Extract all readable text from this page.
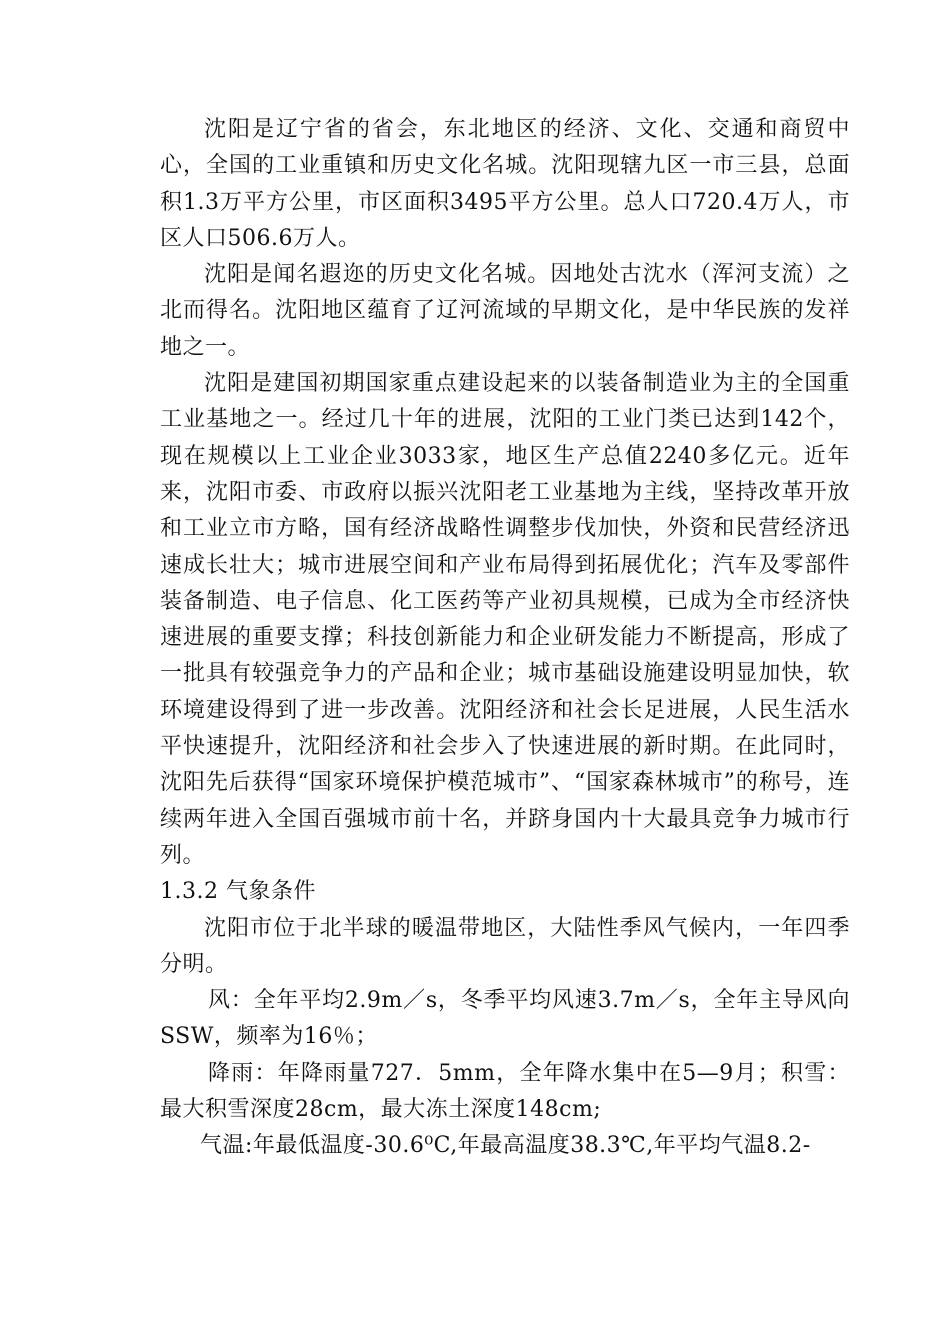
沈阳是辽宁省的省会，东北地区的经济、文化、交通和商贸中心，全国的工业重镇和历史文化名城。沈阳现辖九区一市三县，总面积1.3万平方公里，市区面积3495平方公里。总人口720.4万人，市区人口506.6万人。

沈阳是闻名遐迩的历史文化名城。因地处古沈水（浑河支流）之北而得名。沈阳地区蕴育了辽河流域的早期文化，是中华民族的发祥地之一。

沈阳是建国初期国家重点建设起来的以装备制造业为主的全国重工业基地之一。经过几十年的进展，沈阳的工业门类已达到142个，现在规模以上工业企业3033家，地区生产总值2240多亿元。近年来，沈阳市委、市政府以振兴沈阳老工业基地为主线，坚持改革开放和工业立市方略，国有经济战略性调整步伐加快，外资和民营经济迅速成长壮大；城市进展空间和产业布局得到拓展优化；汽车及零部件装备制造、电子信息、化工医药等产业初具规模，已成为全市经济快速进展的重要支撑；科技创新能力和企业研发能力不断提高，形成了一批具有较强竞争力的产品和企业；城市基础设施建设明显加快，软环境建设得到了进一步改善。沈阳经济和社会长足进展，人民生活水平快速提升，沈阳经济和社会步入了快速进展的新时期。在此同时，沈阳先后获得“国家环境保护模范城市”、“国家森林城市”的称号，连续两年进入全国百强城市前十名，并跻身国内十大最具竞争力城市行列。

1.3.2 气象条件

沈阳市位于北半球的暖温带地区，大陆性季风气候内，一年四季分明。

风：全年平均2.9m／s，冬季平均风速3.7m／s，全年主导风向SSW，频率为16％；

降雨：年降雨量727．5mm，全年降水集中在5—9月；积雪：最大积雪深度28cm，最大冻土深度148cm;

气温:年最低温度-30.6⁰C,年最高温度38.3℃,年平均气温8.2-
